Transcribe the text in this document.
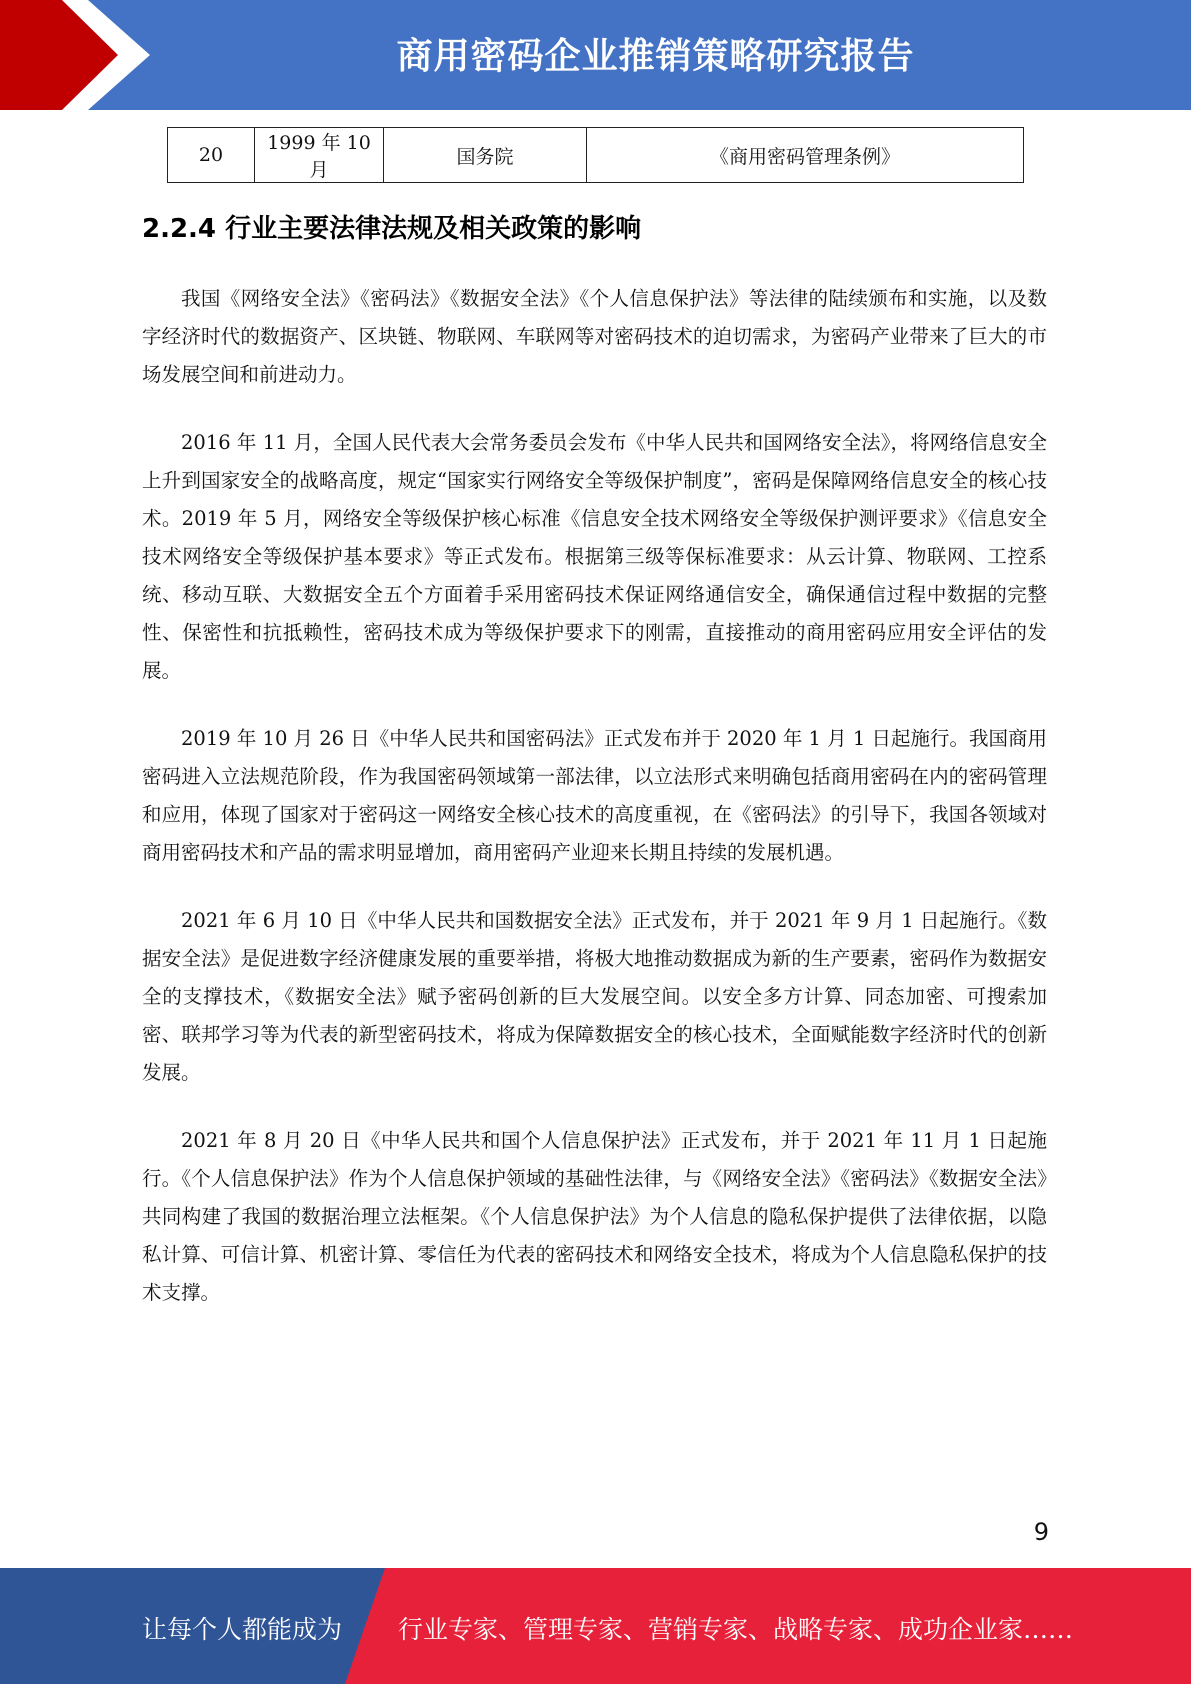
商用密码企业推销策略研究报告
20	1999 年 10 月	国务院	《商用密码管理条例》
2.2.4 行业主要法律法规及相关政策的影响

我国《网络安全法》《密码法》《数据安全法》《个人信息保护法》等法律的陆续颁布和实施，以及数字经济时代的数据资产、区块链、物联网、车联网等对密码技术的迫切需求，为密码产业带来了巨大的市场发展空间和前进动力。

2016 年 11 月，全国人民代表大会常务委员会发布《中华人民共和国网络安全法》，将网络信息安全上升到国家安全的战略高度，规定“国家实行网络安全等级保护制度”，密码是保障网络信息安全的核心技术。2019 年 5 月，网络安全等级保护核心标准《信息安全技术网络安全等级保护测评要求》《信息安全技术网络安全等级保护基本要求》等正式发布。根据第三级等保标准要求：从云计算、物联网、工控系统、移动互联、大数据安全五个方面着手采用密码技术保证网络通信安全，确保通信过程中数据的完整性、保密性和抗抵赖性，密码技术成为等级保护要求下的刚需，直接推动的商用密码应用安全评估的发展。

2019 年 10 月 26 日《中华人民共和国密码法》正式发布并于 2020 年 1 月 1 日起施行。我国商用密码进入立法规范阶段，作为我国密码领域第一部法律，以立法形式来明确包括商用密码在内的密码管理和应用，体现了国家对于密码这一网络安全核心技术的高度重视，在《密码法》的引导下，我国各领域对商用密码技术和产品的需求明显增加，商用密码产业迎来长期且持续的发展机遇。

2021 年 6 月 10 日《中华人民共和国数据安全法》正式发布，并于 2021 年 9 月 1 日起施行。《数据安全法》是促进数字经济健康发展的重要举措，将极大地推动数据成为新的生产要素，密码作为数据安全的支撑技术，《数据安全法》赋予密码创新的巨大发展空间。以安全多方计算、同态加密、可搜索加密、联邦学习等为代表的新型密码技术，将成为保障数据安全的核心技术，全面赋能数字经济时代的创新发展。

2021 年 8 月 20 日《中华人民共和国个人信息保护法》正式发布，并于 2021 年 11 月 1 日起施行。《个人信息保护法》作为个人信息保护领域的基础性法律，与《网络安全法》《密码法》《数据安全法》共同构建了我国的数据治理立法框架。《个人信息保护法》为个人信息的隐私保护提供了法律依据，以隐私计算、可信计算、机密计算、零信任为代表的密码技术和网络安全技术，将成为个人信息隐私保护的技术支撑。

9
让每个人都能成为 行业专家、管理专家、营销专家、战略专家、成功企业家……
